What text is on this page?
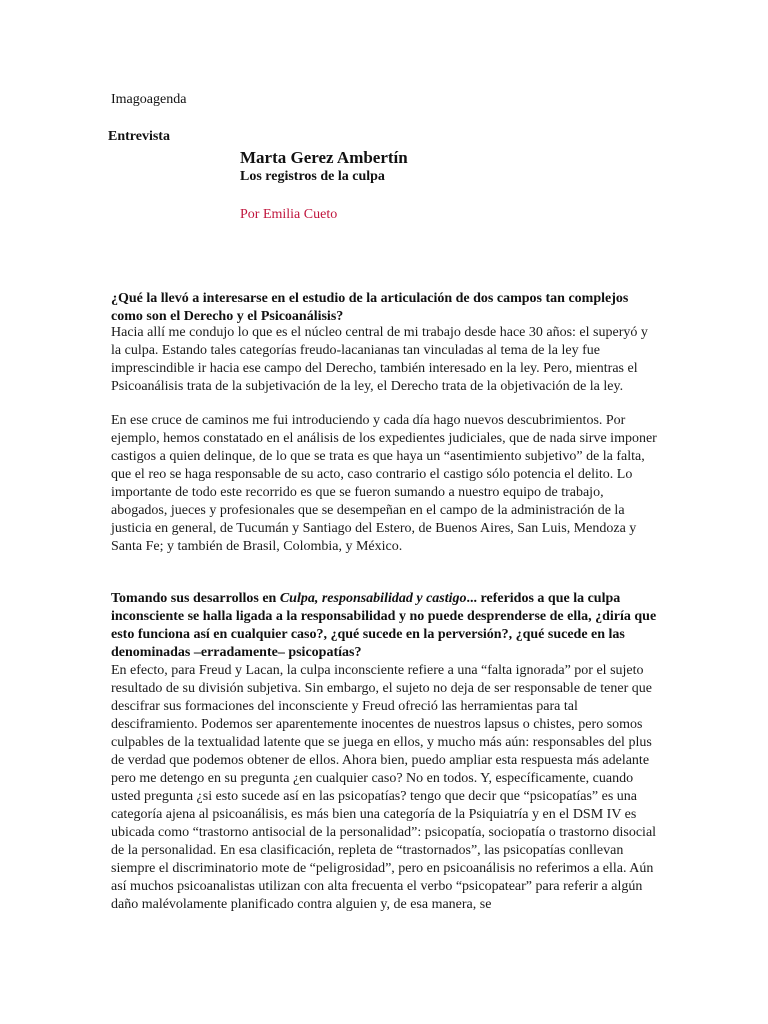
Imagoagenda

Entrevista

Marta Gerez Ambertín
Los registros de la culpa

Por Emilia Cueto

¿Qué la llevó a interesarse en el estudio de la articulación de dos campos tan complejos como son el Derecho y el Psicoanálisis?

Hacia allí me condujo lo que es el núcleo central de mi trabajo desde hace 30 años: el superyó y la culpa. Estando tales categorías freudo-lacanianas tan vinculadas al tema de la ley fue imprescindible ir hacia ese campo del Derecho, también interesado en la ley. Pero, mientras el Psicoanálisis trata de la subjetivación de la ley, el Derecho trata de la objetivación de la ley.

En ese cruce de caminos me fui introduciendo y cada día hago nuevos descubrimientos. Por ejemplo, hemos constatado en el análisis de los expedientes judiciales, que de nada sirve imponer castigos a quien delinque, de lo que se trata es que haya un “asentimiento subjetivo” de la falta, que el reo se haga responsable de su acto, caso contrario el castigo sólo potencia el delito. Lo importante de todo este recorrido es que se fueron sumando a nuestro equipo de trabajo, abogados, jueces y profesionales que se desempeñan en el campo de la administración de la justicia en general, de Tucumán y Santiago del Estero, de Buenos Aires, San Luis, Mendoza y Santa Fe; y también de Brasil, Colombia, y México.

Tomando sus desarrollos en Culpa, responsabilidad y castigo... referidos a que la culpa inconsciente se halla ligada a la responsabilidad y no puede desprenderse de ella, ¿diría que esto funciona así en cualquier caso?, ¿qué sucede en la perversión?, ¿qué sucede en las denominadas –erradamente– psicopatías?

En efecto, para Freud y Lacan, la culpa inconsciente refiere a una “falta ignorada” por el sujeto resultado de su división subjetiva. Sin embargo, el sujeto no deja de ser responsable de tener que descifrar sus formaciones del inconsciente y Freud ofreció las herramientas para tal desciframiento. Podemos ser aparentemente inocentes de nuestros lapsus o chistes, pero somos culpables de la textualidad latente que se juega en ellos, y mucho más aún: responsables del plus de verdad que podemos obtener de ellos. Ahora bien, puedo ampliar esta respuesta más adelante pero me detengo en su pregunta ¿en cualquier caso? No en todos. Y, específicamente, cuando usted pregunta ¿si esto sucede así en las psicopatías? tengo que decir que “psicopatías” es una categoría ajena al psicoanálisis, es más bien una categoría de la Psiquiatría y en el DSM IV es ubicada como “trastorno antisocial de la personalidad”: psicopatía, sociopatía o trastorno disocial de la personalidad. En esa clasificación, repleta de “trastornados”, las psicopatías conllevan siempre el discriminatorio mote de “peligrosidad”, pero en psicoanálisis no referimos a ella. Aún así muchos psicoanalistas utilizan con alta frecuenta el verbo “psicopatear” para referir a algún daño malévolamente planificado contra alguien y, de esa manera, se
